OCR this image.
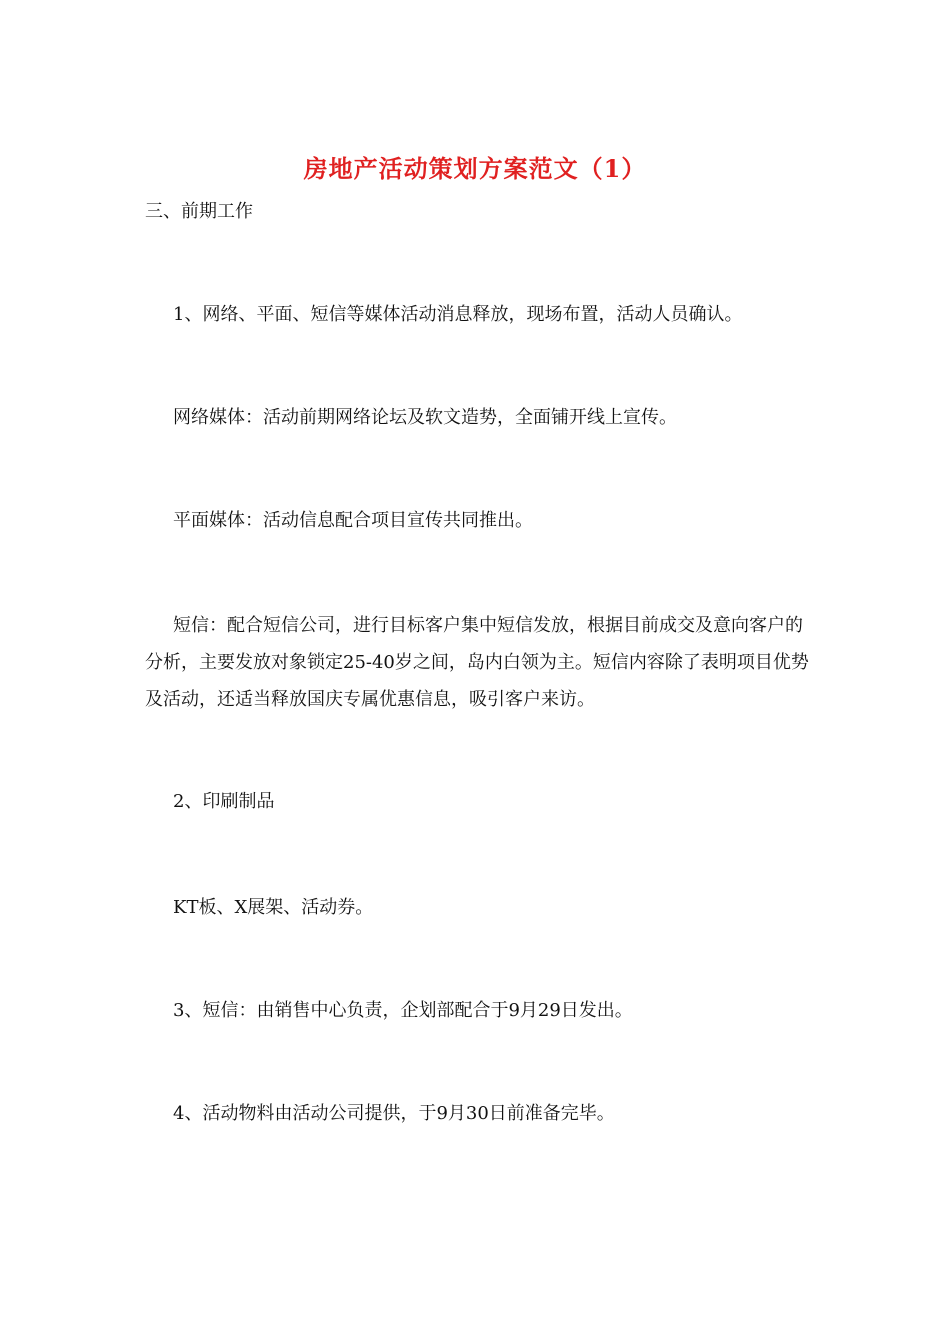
房地产活动策划方案范文（1）
三、前期工作
1、网络、平面、短信等媒体活动消息释放，现场布置，活动人员确认。
网络媒体：活动前期网络论坛及软文造势，全面铺开线上宣传。
平面媒体：活动信息配合项目宣传共同推出。
短信：配合短信公司，进行目标客户集中短信发放，根据目前成交及意向客户的分析，主要发放对象锁定25-40岁之间，岛内白领为主。短信内容除了表明项目优势及活动，还适当释放国庆专属优惠信息，吸引客户来访。
2、印刷制品
KT板、X展架、活动券。
3、短信：由销售中心负责，企划部配合于9月29日发出。
4、活动物料由活动公司提供，于9月30日前准备完毕。
